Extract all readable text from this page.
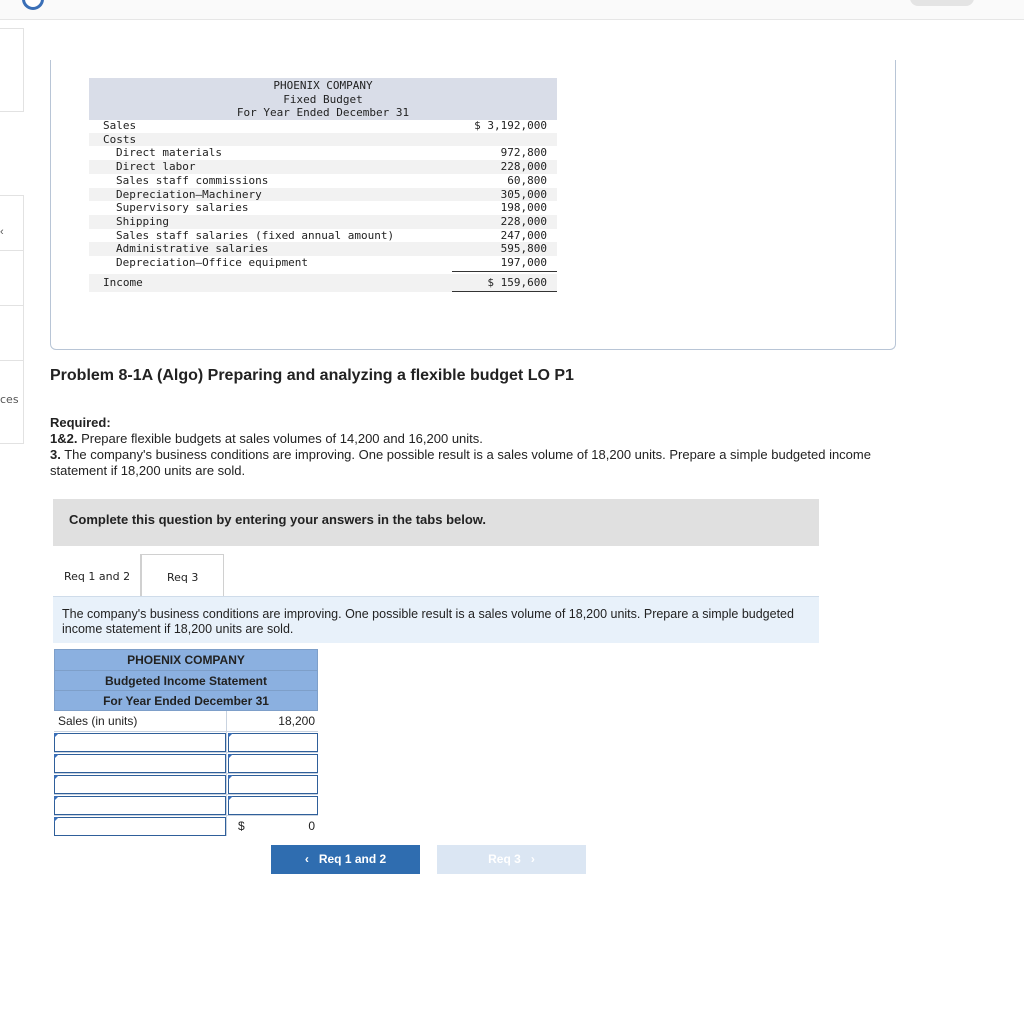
‹
ces
PHOENIX COMPANY
Fixed Budget
For Year Ended December 31
Sales	$ 3,192,000
Costs
Direct materials	972,800
Direct labor	228,000
Sales staff commissions	60,800
Depreciation—Machinery	305,000
Supervisory salaries	198,000
Shipping	228,000
Sales staff salaries (fixed annual amount)	247,000
Administrative salaries	595,800
Depreciation—Office equipment	197,000
Income	$ 159,600
Problem 8-1A (Algo) Preparing and analyzing a flexible budget LO P1
Required:
1&2. Prepare flexible budgets at sales volumes of 14,200 and 16,200 units.
3. The company's business conditions are improving. One possible result is a sales volume of 18,200 units. Prepare a simple budgeted income statement if 18,200 units are sold.
Complete this question by entering your answers in the tabs below.
Req 1 and 2	Req 3
The company's business conditions are improving. One possible result is a sales volume of 18,200 units. Prepare a simple budgeted income statement if 18,200 units are sold.
PHOENIX COMPANY
Budgeted Income Statement
For Year Ended December 31
Sales (in units)	18,200
$	0
‹ Req 1 and 2	Req 3 ›
